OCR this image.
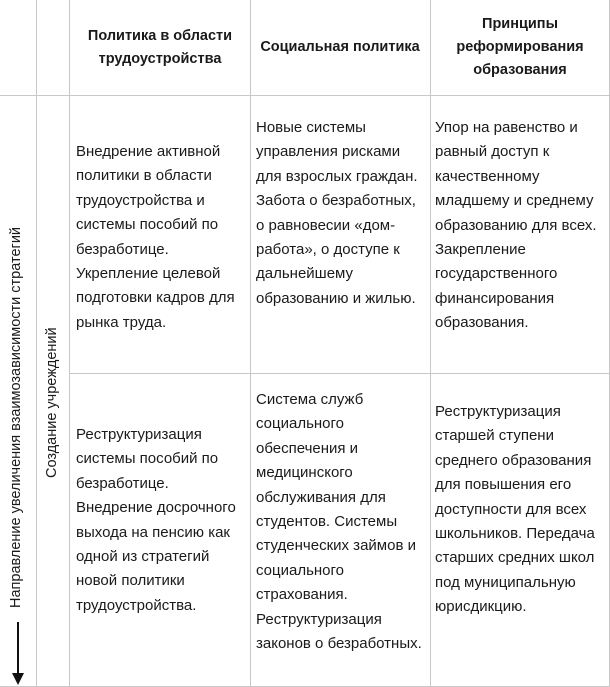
Политика в области трудоустройства
Социальная политика
Принципы реформирования образования
Направление увеличения взаимозависимости стратегий Создание учреждений
Внедрение активной политики в области трудоустройства и системы пособий по безработице. Укрепление целевой подготовки кадров для рынка труда.
Новые системы управления рисками для взрослых граждан. Забота о безработных, о равновесии «дом-работа», о доступе к дальнейшему образованию и жилью.
Упор на равенство и равный доступ к качественному младшему и среднему образованию для всех. Закрепление государственного финансирования образования.
Реструктуризация системы пособий по безработице. Внедрение досрочного выхода на пенсию как одной из стратегий новой политики трудоустройства.
Система служб социального обеспечения и медицинского обслуживания для студентов. Системы студенческих займов и социального страхования. Реструктуризация законов о безработных.
Реструктуризация старшей ступени среднего образования для повышения его доступности для всех школьников. Передача старших средних школ под муниципальную юрисдикцию.
